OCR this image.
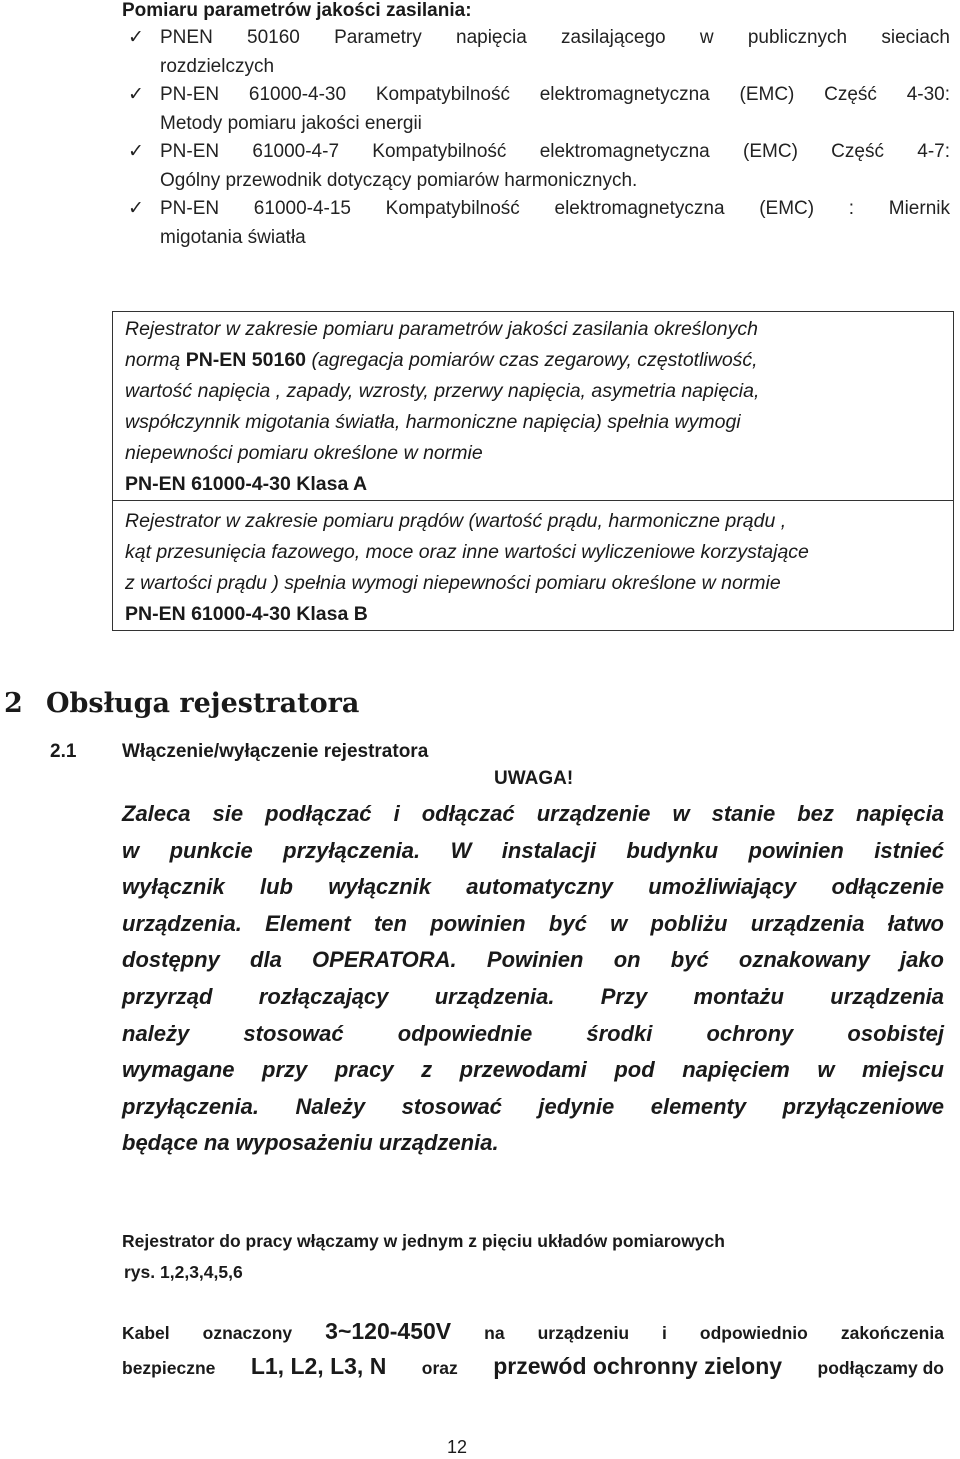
Pomiaru parametrów jakości zasilania:
✓ PNEN 50160 Parametry napięcia zasilającego w publicznych sieciach
rozdzielczych
✓ PN-EN 61000-4-30 Kompatybilność elektromagnetyczna (EMC) Część 4-30:
Metody pomiaru jakości energii
✓ PN-EN 61000-4-7 Kompatybilność elektromagnetyczna (EMC) Część 4-7:
Ogólny przewodnik dotyczący pomiarów harmonicznych.
✓ PN-EN 61000-4-15 Kompatybilność elektromagnetyczna (EMC) : Miernik
migotania światła
Rejestrator w zakresie pomiaru parametrów jakości zasilania określonych
normą PN-EN 50160 (agregacja pomiarów czas zegarowy, częstotliwość,
wartość napięcia , zapady, wzrosty, przerwy napięcia, asymetria napięcia,
współczynnik migotania światła, harmoniczne napięcia) spełnia wymogi
niepewności pomiaru określone w normie
PN-EN 61000-4-30 Klasa A
Rejestrator w zakresie pomiaru prądów (wartość prądu, harmoniczne prądu ,
kąt przesunięcia fazowego, moce oraz inne wartości wyliczeniowe korzystające
z wartości prądu ) spełnia wymogi niepewności pomiaru określone w normie
PN-EN 61000-4-30 Klasa B
2 Obsługa rejestratora
2.1 Włączenie/wyłączenie rejestratora
UWAGA!
Zaleca sie podłączać i odłączać urządzenie w stanie bez napięcia
w punkcie przyłączenia. W instalacji budynku powinien istnieć
wyłącznik lub wyłącznik automatyczny umożliwiający odłączenie
urządzenia. Element ten powinien być w pobliżu urządzenia łatwo
dostępny dla OPERATORA. Powinien on być oznakowany jako
przyrząd rozłączający urządzenia. Przy montażu urządzenia
należy stosować odpowiednie środki ochrony osobistej
wymagane przy pracy z przewodami pod napięciem w miejscu
przyłączenia. Należy stosować jedynie elementy przyłączeniowe
będące na wyposażeniu urządzenia.
Rejestrator do pracy włączamy w jednym z pięciu układów pomiarowych
rys. 1,2,3,4,5,6
Kabel oznaczony 3~120-450V na urządzeniu i odpowiednio zakończenia
bezpieczne L1, L2, L3, N oraz przewód ochronny zielony podłączamy do
12
